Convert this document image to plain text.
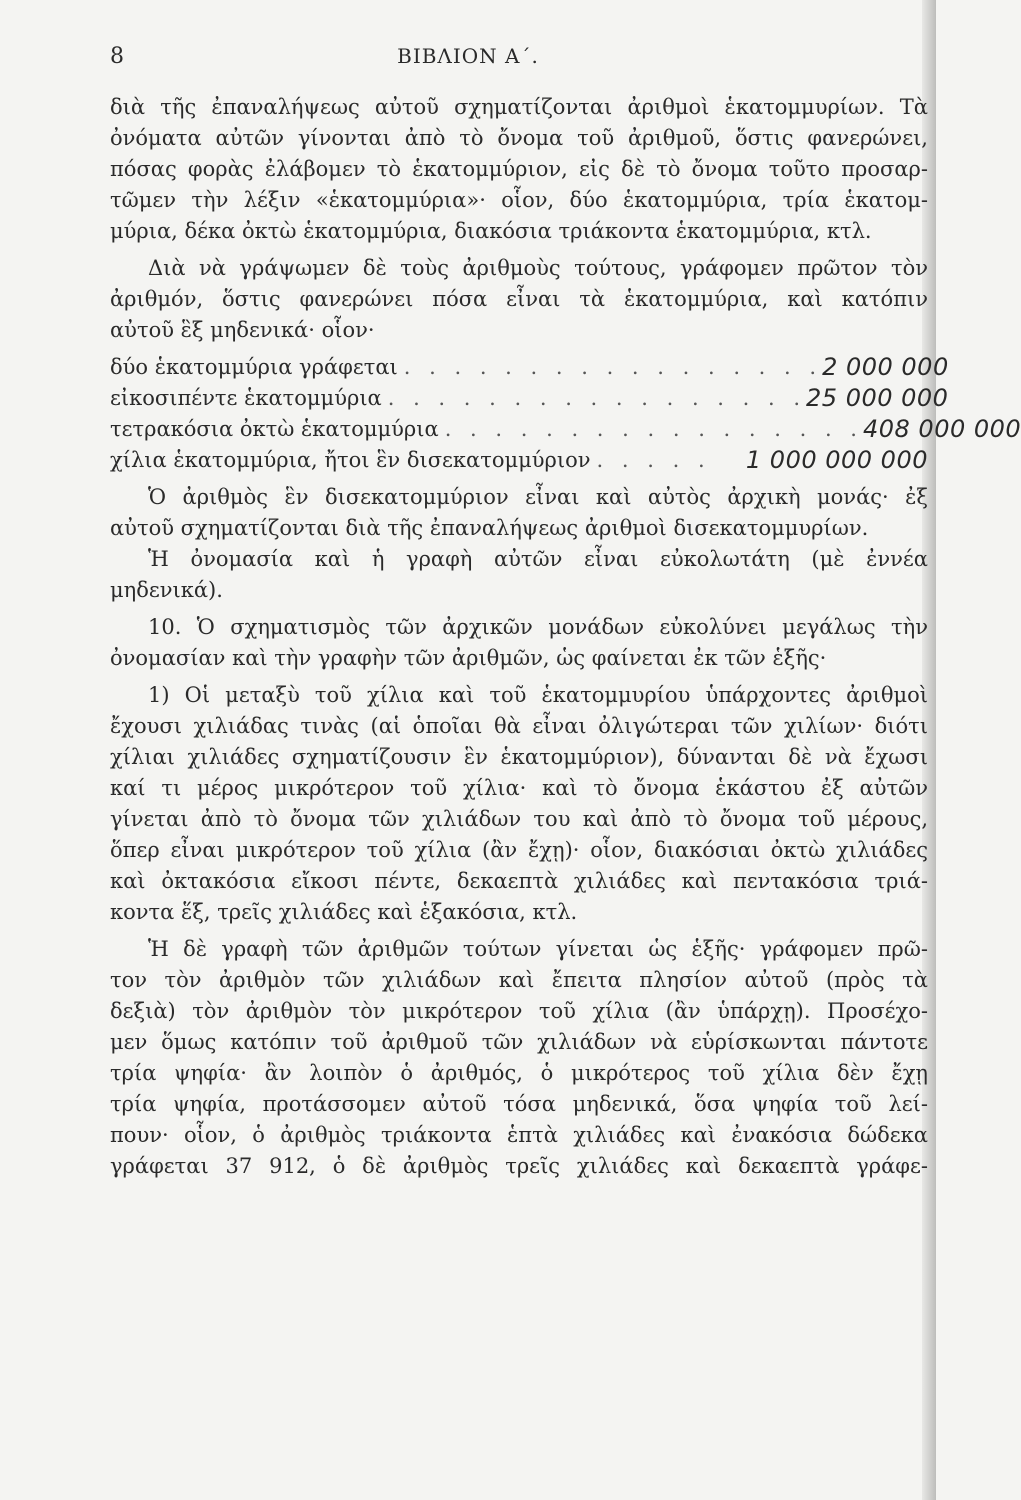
8	ΒΙΒΛΙΟΝ Α΄.
διὰ τῆς ἐπαναλήψεως αὐτοῦ σχηματίζονται ἀριθμοὶ ἑκατομμυρίων. Τὰ
ὀνόματα αὐτῶν γίνονται ἀπὸ τὸ ὄνομα τοῦ ἀριθμοῦ, ὅστις φανερώνει,
πόσας φορὰς ἐλάβομεν τὸ ἑκατομμύριον, εἰς δὲ τὸ ὄνομα τοῦτο προσαρ-
τῶμεν τὴν λέξιν «ἑκατομμύρια»· οἷον, δύο ἑκατομμύρια, τρία ἑκατομ-
μύρια, δέκα ὀκτὼ ἑκατομμύρια, διακόσια τριάκοντα ἑκατομμύρια, κτλ.
Διὰ νὰ γράψωμεν δὲ τοὺς ἀριθμοὺς τούτους, γράφομεν πρῶτον τὸν
ἀριθμόν, ὅστις φανερώνει πόσα εἶναι τὰ ἑκατομμύρια, καὶ κατόπιν
αὐτοῦ ἓξ μηδενικά· οἷον·
δύο ἑκατομμύρια γράφεται . . . . . . . . . . . . . . . . . 2 000 000
εἰκοσιπέντε ἑκατομμύρια . . . . . . . . . . . . . . . . . 25 000 000
τετρακόσια ὀκτὼ ἑκατομμύρια . . . . . . . . . . . . . . . . . 408 000 000
χίλια ἑκατομμύρια, ἤτοι ἓν δισεκατομμύριον . . . . .	1 000 000 000
Ὁ ἀριθμὸς ἓν δισεκατομμύριον εἶναι καὶ αὐτὸς ἀρχικὴ μονάς· ἐξ
αὐτοῦ σχηματίζονται διὰ τῆς ἐπαναλήψεως ἀριθμοὶ δισεκατομμυρίων.
Ἡ ὀνομασία καὶ ἡ γραφὴ αὐτῶν εἶναι εὐκολωτάτη (μὲ ἐννέα
μηδενικά).
10. Ὁ σχηματισμὸς τῶν ἀρχικῶν μονάδων εὐκολύνει μεγάλως τὴν
ὀνομασίαν καὶ τὴν γραφὴν τῶν ἀριθμῶν, ὡς φαίνεται ἐκ τῶν ἑξῆς·
1) Οἱ μεταξὺ τοῦ χίλια καὶ τοῦ ἑκατομμυρίου ὑπάρχοντες ἀριθμοὶ
ἔχουσι χιλιάδας τινὰς (αἱ ὁποῖαι θὰ εἶναι ὀλιγώτεραι τῶν χιλίων· διότι
χίλιαι χιλιάδες σχηματίζουσιν ἓν ἑκατομμύριον), δύνανται δὲ νὰ ἔχωσι
καί τι μέρος μικρότερον τοῦ χίλια· καὶ τὸ ὄνομα ἑκάστου ἐξ αὐτῶν
γίνεται ἀπὸ τὸ ὄνομα τῶν χιλιάδων του καὶ ἀπὸ τὸ ὄνομα τοῦ μέρους,
ὅπερ εἶναι μικρότερον τοῦ χίλια (ἂν ἔχῃ)· οἷον, διακόσιαι ὀκτὼ χιλιάδες
καὶ ὀκτακόσια εἴκοσι πέντε, δεκαεπτὰ χιλιάδες καὶ πεντακόσια τριά-
κοντα ἕξ, τρεῖς χιλιάδες καὶ ἑξακόσια, κτλ.
Ἡ δὲ γραφὴ τῶν ἀριθμῶν τούτων γίνεται ὡς ἑξῆς· γράφομεν πρῶ-
τον τὸν ἀριθμὸν τῶν χιλιάδων καὶ ἔπειτα πλησίον αὐτοῦ (πρὸς τὰ
δεξιὰ) τὸν ἀριθμὸν τὸν μικρότερον τοῦ χίλια (ἂν ὑπάρχῃ). Προσέχο-
μεν ὅμως κατόπιν τοῦ ἀριθμοῦ τῶν χιλιάδων νὰ εὑρίσκωνται πάντοτε
τρία ψηφία· ἂν λοιπὸν ὁ ἀριθμός, ὁ μικρότερος τοῦ χίλια δὲν ἔχῃ
τρία ψηφία, προτάσσομεν αὐτοῦ τόσα μηδενικά, ὅσα ψηφία τοῦ λεί-
πουν· οἷον, ὁ ἀριθμὸς τριάκοντα ἑπτὰ χιλιάδες καὶ ἐνακόσια δώδεκα
γράφεται 37 912, ὁ δὲ ἀριθμὸς τρεῖς χιλιάδες καὶ δεκαεπτὰ γράφε-
